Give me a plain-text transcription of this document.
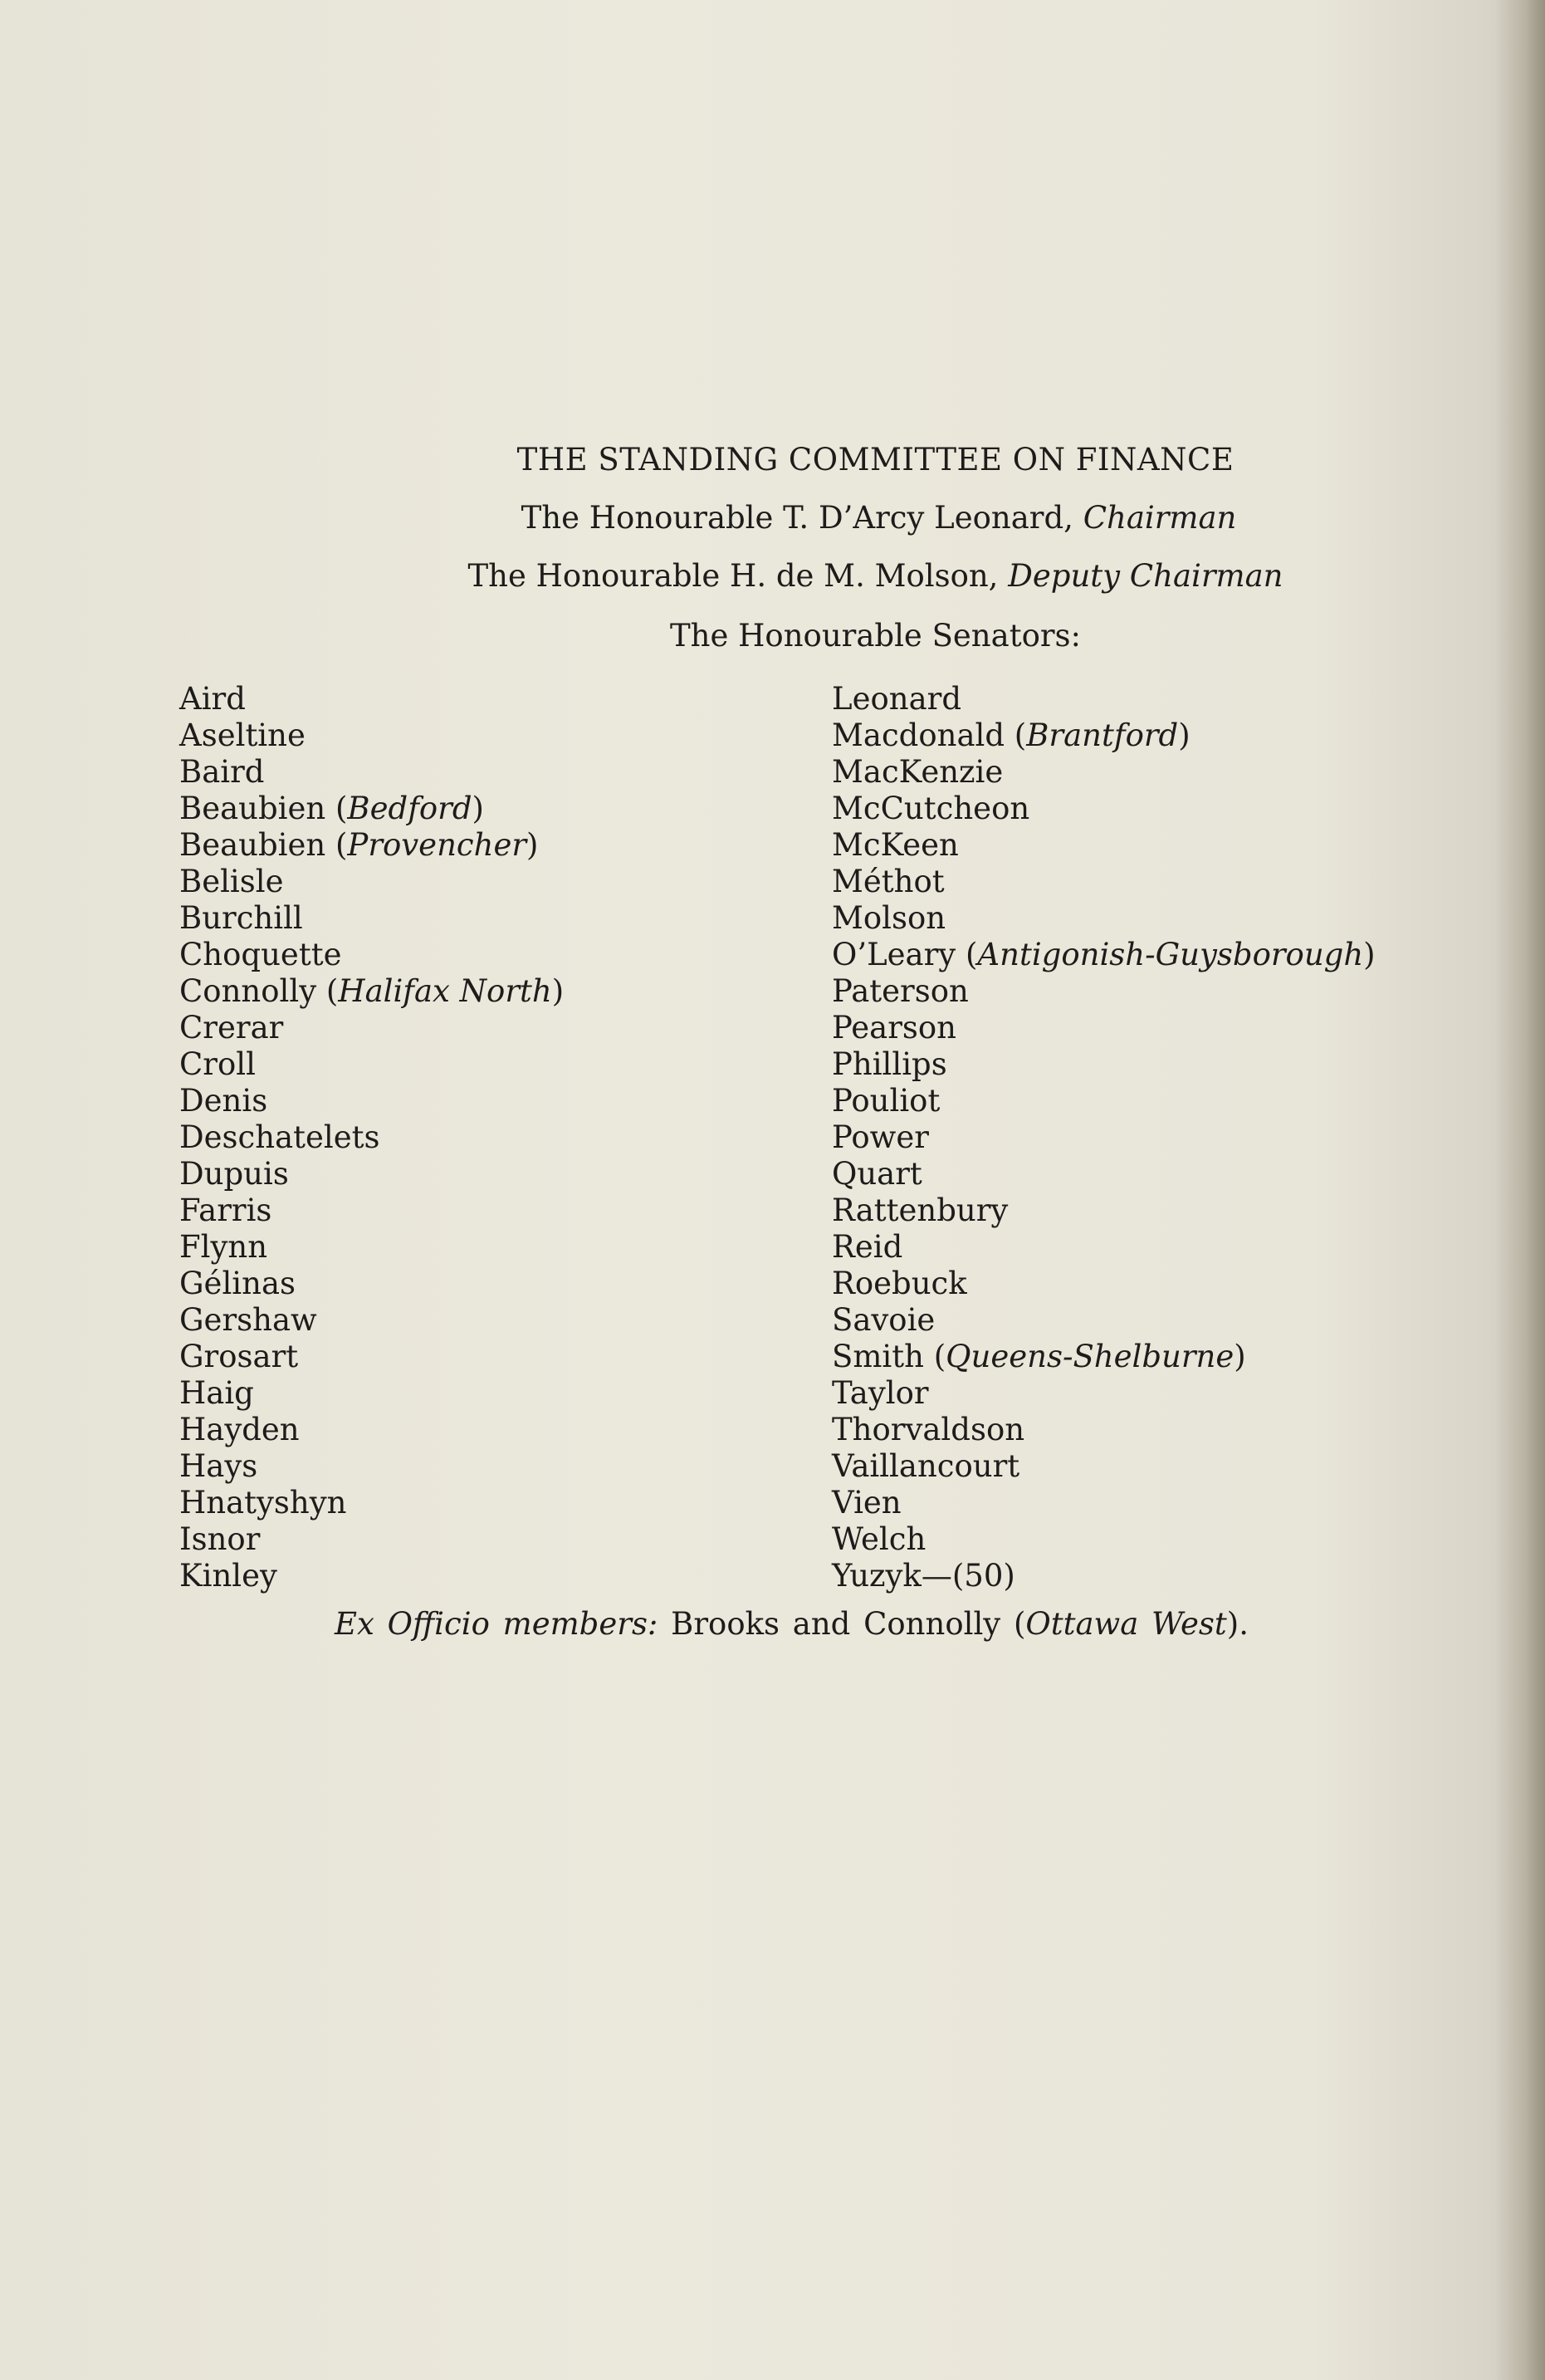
THE STANDING COMMITTEE ON FINANCE
The Honourable T. D’Arcy Leonard, Chairman
The Honourable H. de M. Molson, Deputy Chairman
The Honourable Senators:
Aird
Aseltine
Baird
Beaubien (Bedford)
Beaubien (Provencher)
Belisle
Burchill
Choquette
Connolly (Halifax North)
Crerar
Croll
Denis
Deschatelets
Dupuis
Farris
Flynn
Gélinas
Gershaw
Grosart
Haig
Hayden
Hays
Hnatyshyn
Isnor
Kinley
Leonard
Macdonald (Brantford)
MacKenzie
McCutcheon
McKeen
Méthot
Molson
O’Leary (Antigonish-Guysborough)
Paterson
Pearson
Phillips
Pouliot
Power
Quart
Rattenbury
Reid
Roebuck
Savoie
Smith (Queens-Shelburne)
Taylor
Thorvaldson
Vaillancourt
Vien
Welch
Yuzyk—(50)
Ex Officio members: Brooks and Connolly (Ottawa West).
